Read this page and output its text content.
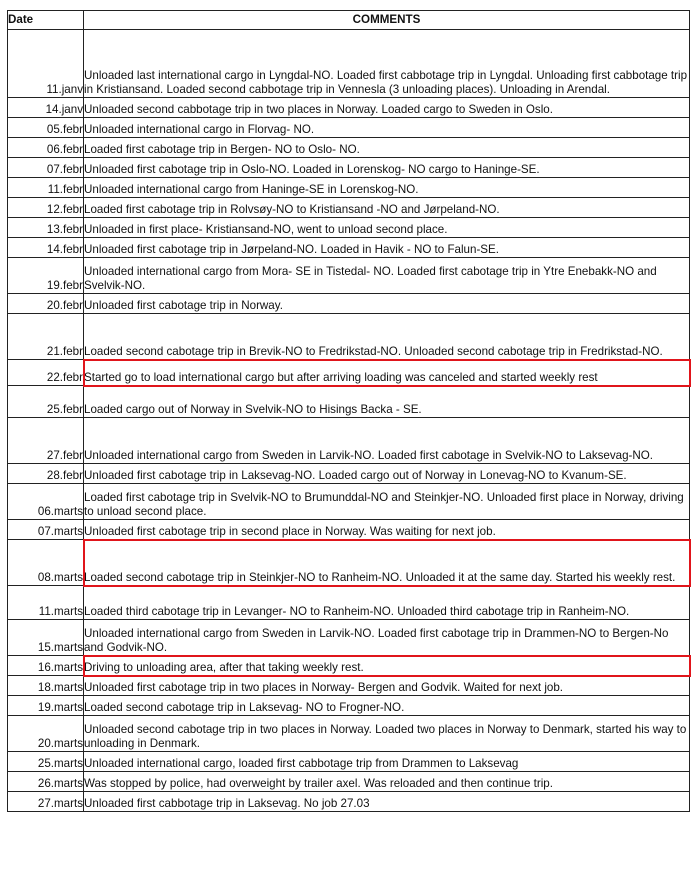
Date	COMMENTS
11.janv	Unloaded last international cargo in Lyngdal-NO. Loaded first cabbotage trip in Lyngdal. Unloading first cabbotage trip in Kristiansand. Loaded second cabbotage trip in Vennesla (3 unloading places). Unloading in Arendal.
14.janv	Unloaded second cabbotage trip in two places in Norway. Loaded cargo to Sweden in Oslo.
05.febr	Unloaded international cargo in Florvag- NO.
06.febr	Loaded first cabotage trip in Bergen- NO to Oslo- NO.
07.febr	Unloaded first cabotage trip in Oslo-NO. Loaded in Lorenskog- NO cargo to Haninge-SE.
11.febr	Unloaded international cargo from Haninge-SE in Lorenskog-NO.
12.febr	Loaded first cabotage trip in Rolvsøy-NO to Kristiansand -NO and Jørpeland-NO.
13.febr	Unloaded in first place- Kristiansand-NO, went to unload second place.
14.febr	Unloaded first cabotage trip in Jørpeland-NO. Loaded in Havik - NO to Falun-SE.
19.febr	Unloaded international cargo from Mora- SE in Tistedal- NO. Loaded first cabotage trip in Ytre Enebakk-NO and Svelvik-NO.
20.febr	Unloaded first cabotage trip in Norway.
21.febr	Loaded second cabotage trip in Brevik-NO to Fredrikstad-NO. Unloaded second cabotage trip in Fredrikstad-NO.
22.febr	Started go to load international cargo but after arriving loading was canceled and started weekly rest
25.febr	Loaded cargo out of Norway in Svelvik-NO to Hisings Backa - SE.
27.febr	Unloaded international cargo from Sweden in Larvik-NO. Loaded first cabotage in Svelvik-NO to Laksevag-NO.
28.febr	Unloaded first cabotage trip in Laksevag-NO. Loaded cargo out of Norway in Lonevag-NO to Kvanum-SE.
06.marts	Loaded first cabotage trip in Svelvik-NO to Brumunddal-NO and Steinkjer-NO. Unloaded first place in Norway, driving to unload second place.
07.marts	Unloaded first cabotage trip in second place in Norway. Was waiting for next job.
08.marts	Loaded second cabotage trip in Steinkjer-NO to Ranheim-NO. Unloaded it at the same day. Started his weekly rest.
11.marts	Loaded third cabotage trip in Levanger- NO to Ranheim-NO. Unloaded third cabotage trip in Ranheim-NO.
15.marts	Unloaded international cargo from Sweden in Larvik-NO. Loaded first cabotage trip in Drammen-NO to Bergen-No and Godvik-NO.
16.marts	Driving to unloading area, after that taking weekly rest.
18.marts	Unloaded first cabotage trip in two places in Norway- Bergen and Godvik. Waited for next job.
19.marts	Loaded second cabotage trip in Laksevag- NO to Frogner-NO.
20.marts	Unloaded second cabotage trip in two places in Norway. Loaded two places in Norway to Denmark, started his way to unloading in Denmark.
25.marts	Unloaded international cargo, loaded first cabbotage trip from Drammen to Laksevag
26.marts	Was stopped by police, had overweight by trailer axel. Was reloaded and then continue trip.
27.marts	Unloaded first cabbotage trip in Laksevag. No job 27.03
